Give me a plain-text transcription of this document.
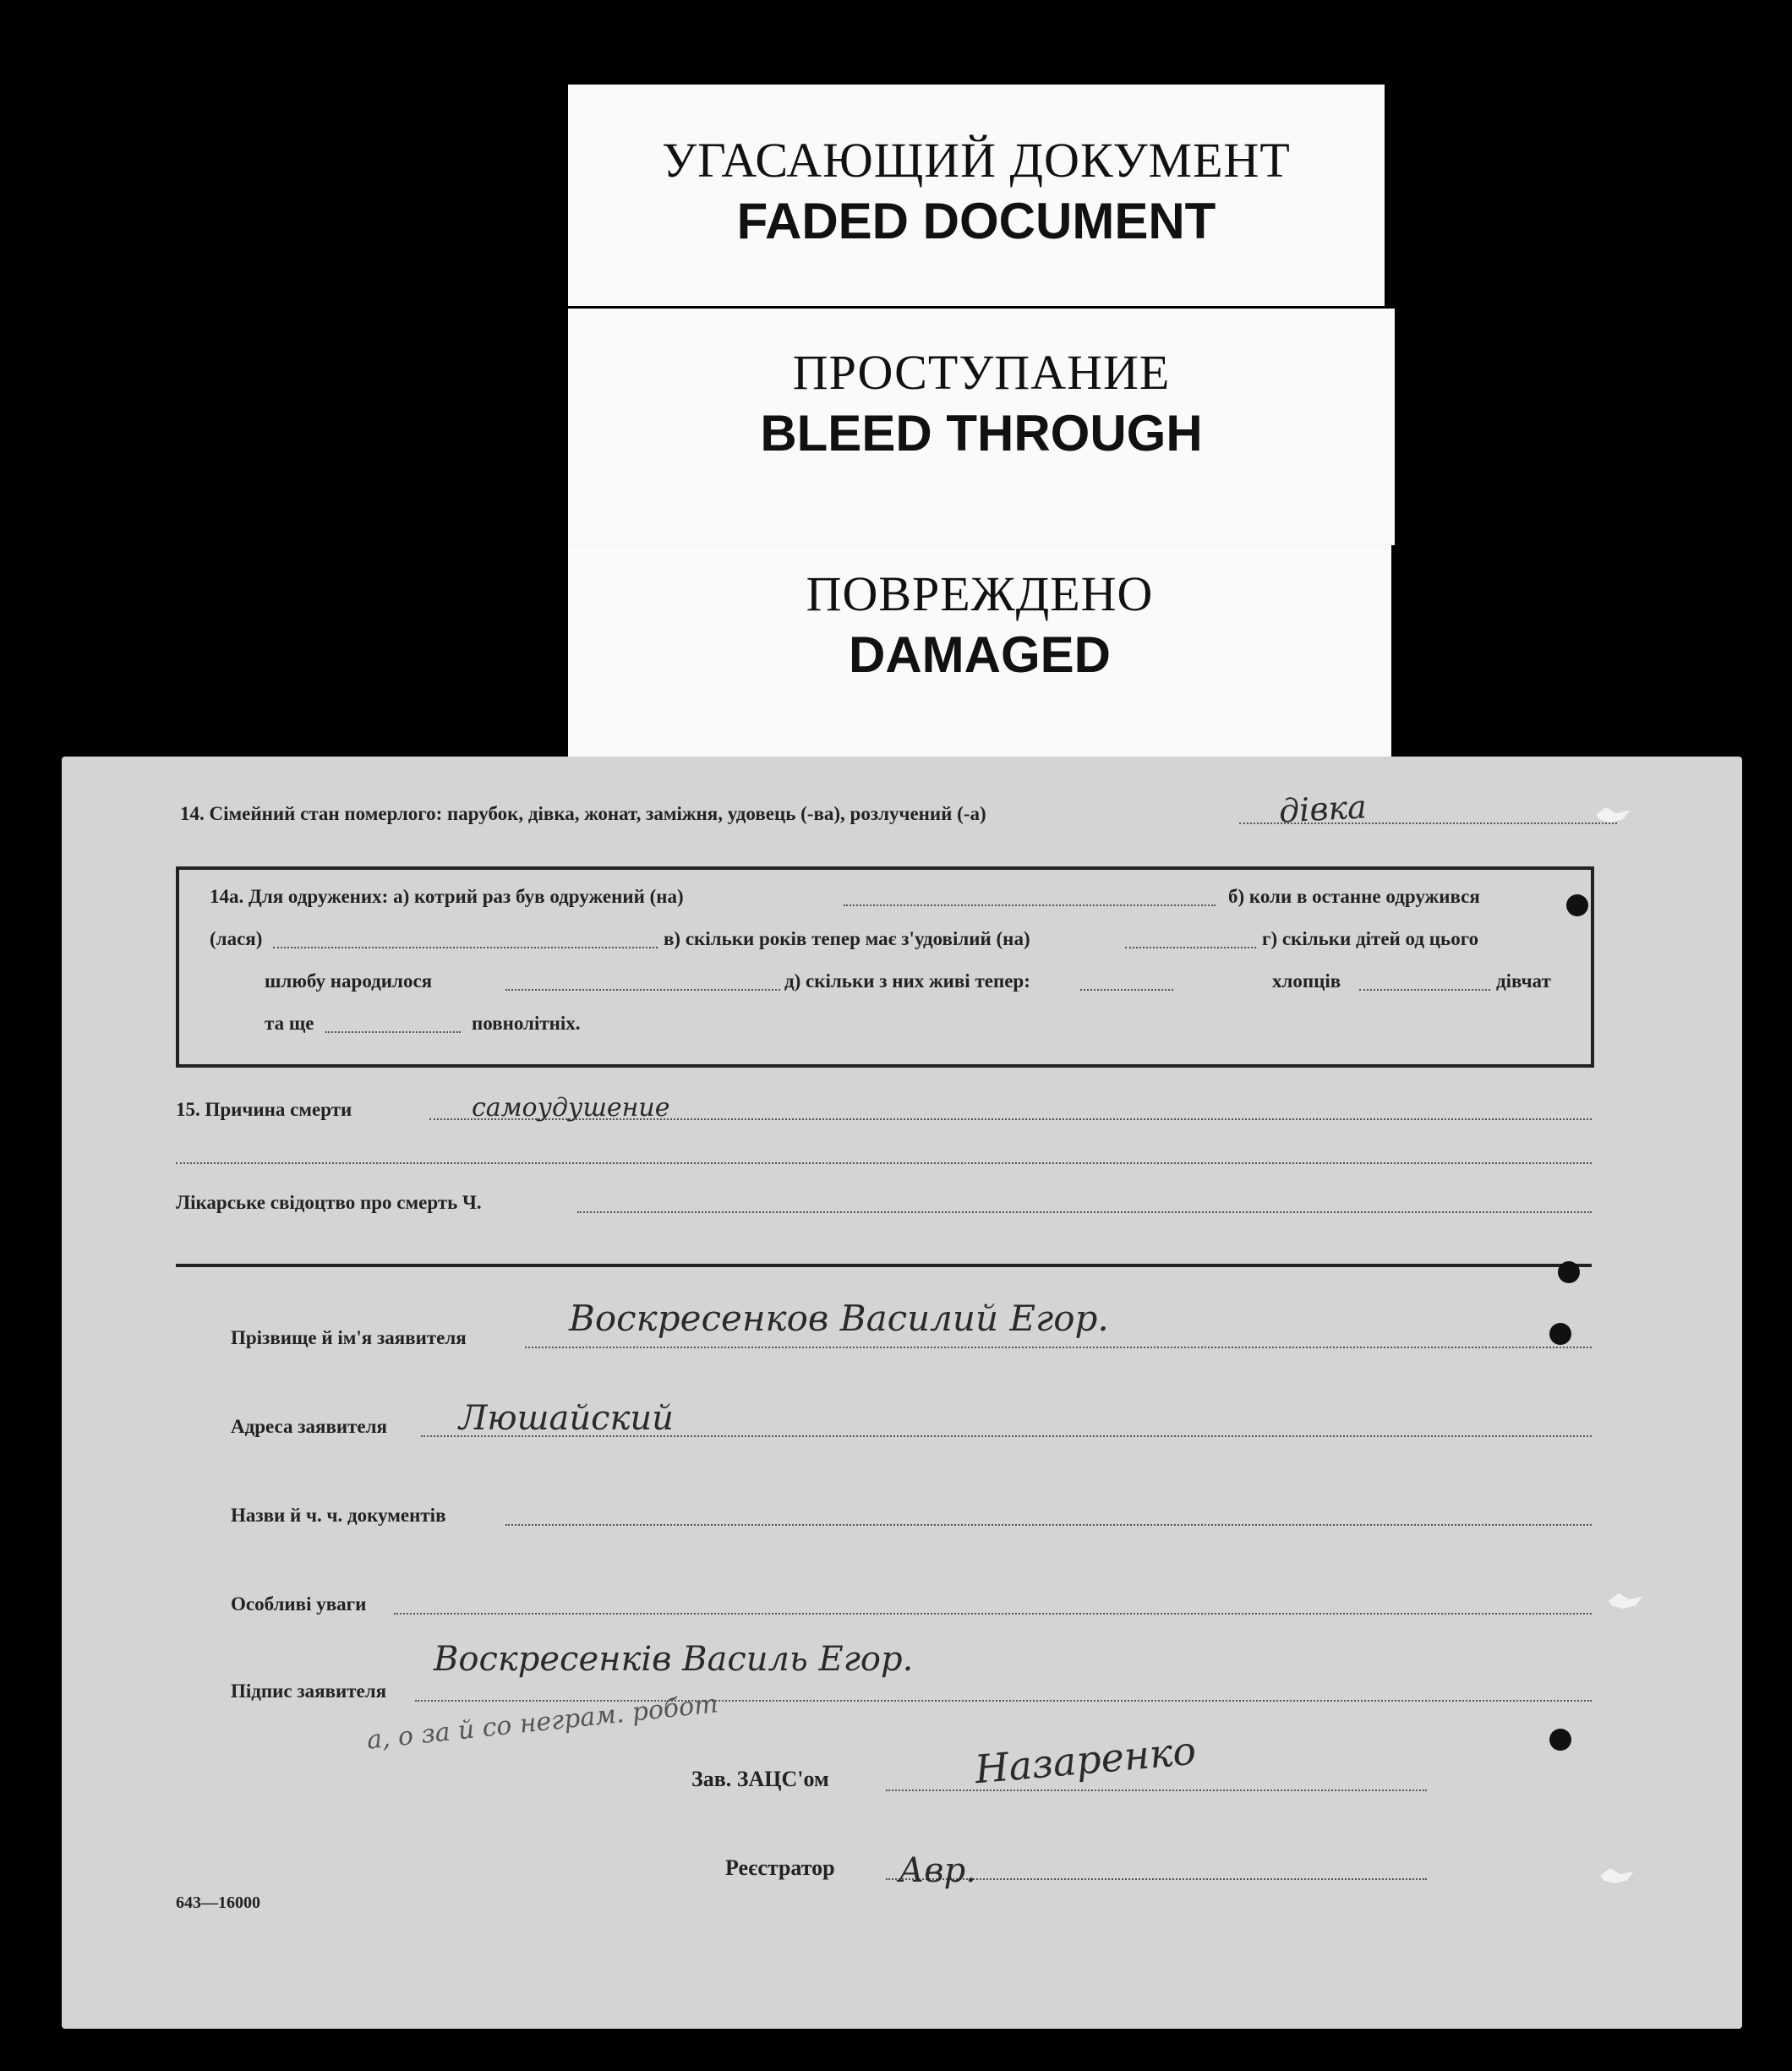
УГАСАЮЩИЙ ДОКУМЕНТ
FADED DOCUMENT
ПРОСТУПАНИЕ
BLEED THROUGH
ПОВРЕЖДЕНО
DAMAGED
14. Сімейний стан померлого: парубок, дівка, жонат, заміжня, удовець (-ва), розлучений (-а)	дівка
14а. Для одружених: а) котрий раз був одружений (на)	б) коли в останне одружився
(лася)	в) скільки років тепер має з'удовілий (на)	г) скільки дітей од цього
шлюбу народилося	д) скільки з них живі тепер:	хлопців	дівчат
та ще	повнолітніх.
15. Причина смерти	самоудушение
Лікарське свідоцтво про смерть Ч.
Прізвище й ім'я заявителя	Воскресенков Василий Егор.
Адреса заявителя Люшайский
Назви й ч. ч. документів
Особливі уваги
Підпис заявителя
Воскресенків Василь Егор.
а, о за й со неграм. робот
Зав. ЗАЦС'ом	Назаренко
Реєстратор Авр.
643—16000
